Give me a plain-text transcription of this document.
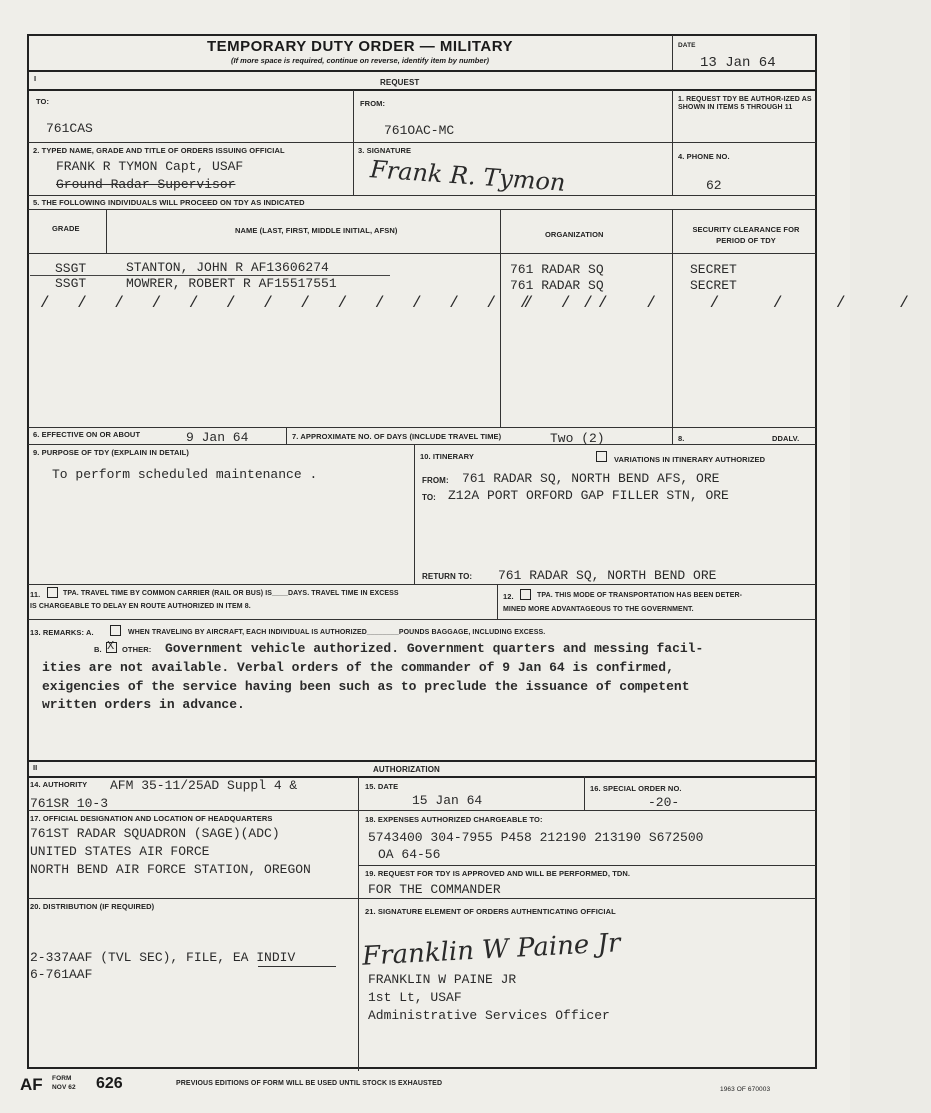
TEMPORARY DUTY ORDER — MILITARY
(If more space is required, continue on reverse, identify item by number)
DATE
13 Jan 64
I	REQUEST
TO:
761CAS
FROM:
761OAC-MC
1. REQUEST TDY BE AUTHOR-IZED AS SHOWN IN ITEMS 5 THROUGH 11
2. TYPED NAME, GRADE AND TITLE OF ORDERS ISSUING OFFICIAL
FRANK R TYMON Capt, USAF
Ground Radar Supervisor
3. SIGNATURE
Frank R. Tymon	4. PHONE NO.
62
5. THE FOLLOWING INDIVIDUALS WILL PROCEED ON TDY AS INDICATED
GRADE	NAME (LAST, FIRST, MIDDLE INITIAL, AFSN)	ORGANIZATION
SECURITY CLEARANCE FOR PERIOD OF TDY
SSGT	STANTON, JOHN R AF13606274	761 RADAR SQ	SECRET
SSGT	MOWRER, ROBERT R AF15517551	761 RADAR SQ	SECRET
/ / / / / / / / / / / / / / / /
/ / / / / / /
6. EFFECTIVE ON OR ABOUT	9 Jan 64	7. APPROXIMATE NO. OF DAYS (INCLUDE TRAVEL TIME)	Two (2)	8.	DDALV.
9. PURPOSE OF TDY (EXPLAIN IN DETAIL)
To perform scheduled maintenance .
10. ITINERARY	VARIATIONS IN ITINERARY AUTHORIZED
FROM: 761 RADAR SQ, NORTH BEND AFS, ORE
TO: Z12A PORT ORFORD GAP FILLER STN, ORE
RETURN TO: 761 RADAR SQ, NORTH BEND ORE
11.	TPA. TRAVEL TIME BY COMMON CARRIER (RAIL OR BUS) IS____DAYS. TRAVEL TIME IN EXCESS
IS CHARGEABLE TO DELAY EN ROUTE AUTHORIZED IN ITEM 8.
12.	TPA. THIS MODE OF TRANSPORTATION HAS BEEN DETER-
MINED MORE ADVANTAGEOUS TO THE GOVERNMENT.
13. REMARKS: A.	WHEN TRAVELING BY AIRCRAFT, EACH INDIVIDUAL IS AUTHORIZED________POUNDS BAGGAGE, INCLUDING EXCESS.
B. X OTHER: Government vehicle authorized. Government quarters and messing facil-
ities are not available. Verbal orders of the commander of 9 Jan 64 is confirmed,
exigencies of the service having been such as to preclude the issuance of competent
written orders in advance.
II	AUTHORIZATION
14. AUTHORITY AFM 35-11/25AD Suppl 4 &
761SR 10-3
15. DATE
15 Jan 64
16. SPECIAL ORDER NO.
-20-
17. OFFICIAL DESIGNATION AND LOCATION OF HEADQUARTERS
761ST RADAR SQUADRON (SAGE)(ADC)
UNITED STATES AIR FORCE
NORTH BEND AIR FORCE STATION, OREGON
18. EXPENSES AUTHORIZED CHARGEABLE TO:
5743400 304-7955 P458 212190 213190 S672500
OA 64-56
19. REQUEST FOR TDY IS APPROVED AND WILL BE PERFORMED, TDN.
FOR THE COMMANDER
20. DISTRIBUTION (IF REQUIRED)
2-337AAF (TVL SEC), FILE, EA INDIV
6-761AAF
21. SIGNATURE ELEMENT OF ORDERS AUTHENTICATING OFFICIAL
Franklin W Paine Jr
FRANKLIN W PAINE JR
1st Lt, USAF
Administrative Services Officer
AF FORM
NOV 62 626	PREVIOUS EDITIONS OF FORM WILL BE USED UNTIL STOCK IS EXHAUSTED
1963 OF 670003
